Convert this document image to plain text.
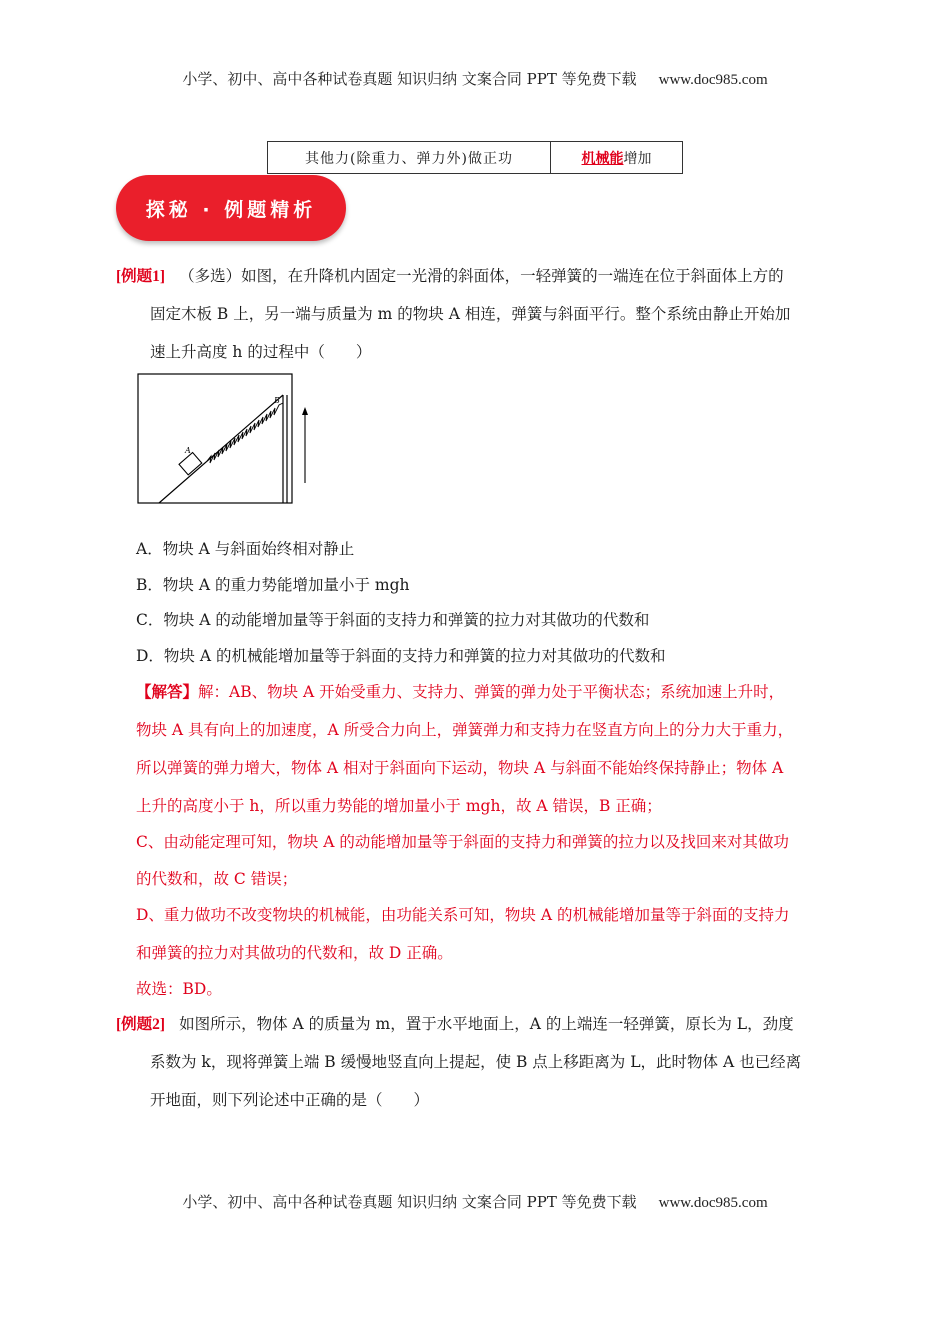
小学、初中、高中各种试卷真题 知识归纳 文案合同 PPT 等免费下载 www.doc985.com
其他力(除重力、弹力外)做正功	机械能 增加
探秘 · 例题精析
[例题1] （多选）如图，在升降机内固定一光滑的斜面体，一轻弹簧的一端连在位于斜面体上方的
固定木板 B 上，另一端与质量为 m 的物块 A 相连，弹簧与斜面平行。整个系统由静止开始加
速上升高度 h 的过程中（　　）
A
B
A．物块 A 与斜面始终相对静止
B．物块 A 的重力势能增加量小于 mgh
C．物块 A 的动能增加量等于斜面的支持力和弹簧的拉力对其做功的代数和
D．物块 A 的机械能增加量等于斜面的支持力和弹簧的拉力对其做功的代数和
【解答】解：AB、物块 A 开始受重力、支持力、弹簧的弹力处于平衡状态；系统加速上升时，
物块 A 具有向上的加速度，A 所受合力向上，弹簧弹力和支持力在竖直方向上的分力大于重力，
所以弹簧的弹力增大，物体 A 相对于斜面向下运动，物块 A 与斜面不能始终保持静止；物体 A
上升的高度小于 h，所以重力势能的增加量小于 mgh，故 A 错误，B 正确；
C、由动能定理可知，物块 A 的动能增加量等于斜面的支持力和弹簧的拉力以及找回来对其做功
的代数和，故 C 错误；
D、重力做功不改变物块的机械能，由功能关系可知，物块 A 的机械能增加量等于斜面的支持力
和弹簧的拉力对其做功的代数和，故 D 正确。
故选：BD。
[例题2] 如图所示，物体 A 的质量为 m，置于水平地面上，A 的上端连一轻弹簧，原长为 L，劲度
系数为 k，现将弹簧上端 B 缓慢地竖直向上提起，使 B 点上移距离为 L，此时物体 A 也已经离
开地面，则下列论述中正确的是（　　）
小学、初中、高中各种试卷真题 知识归纳 文案合同 PPT 等免费下载 www.doc985.com
